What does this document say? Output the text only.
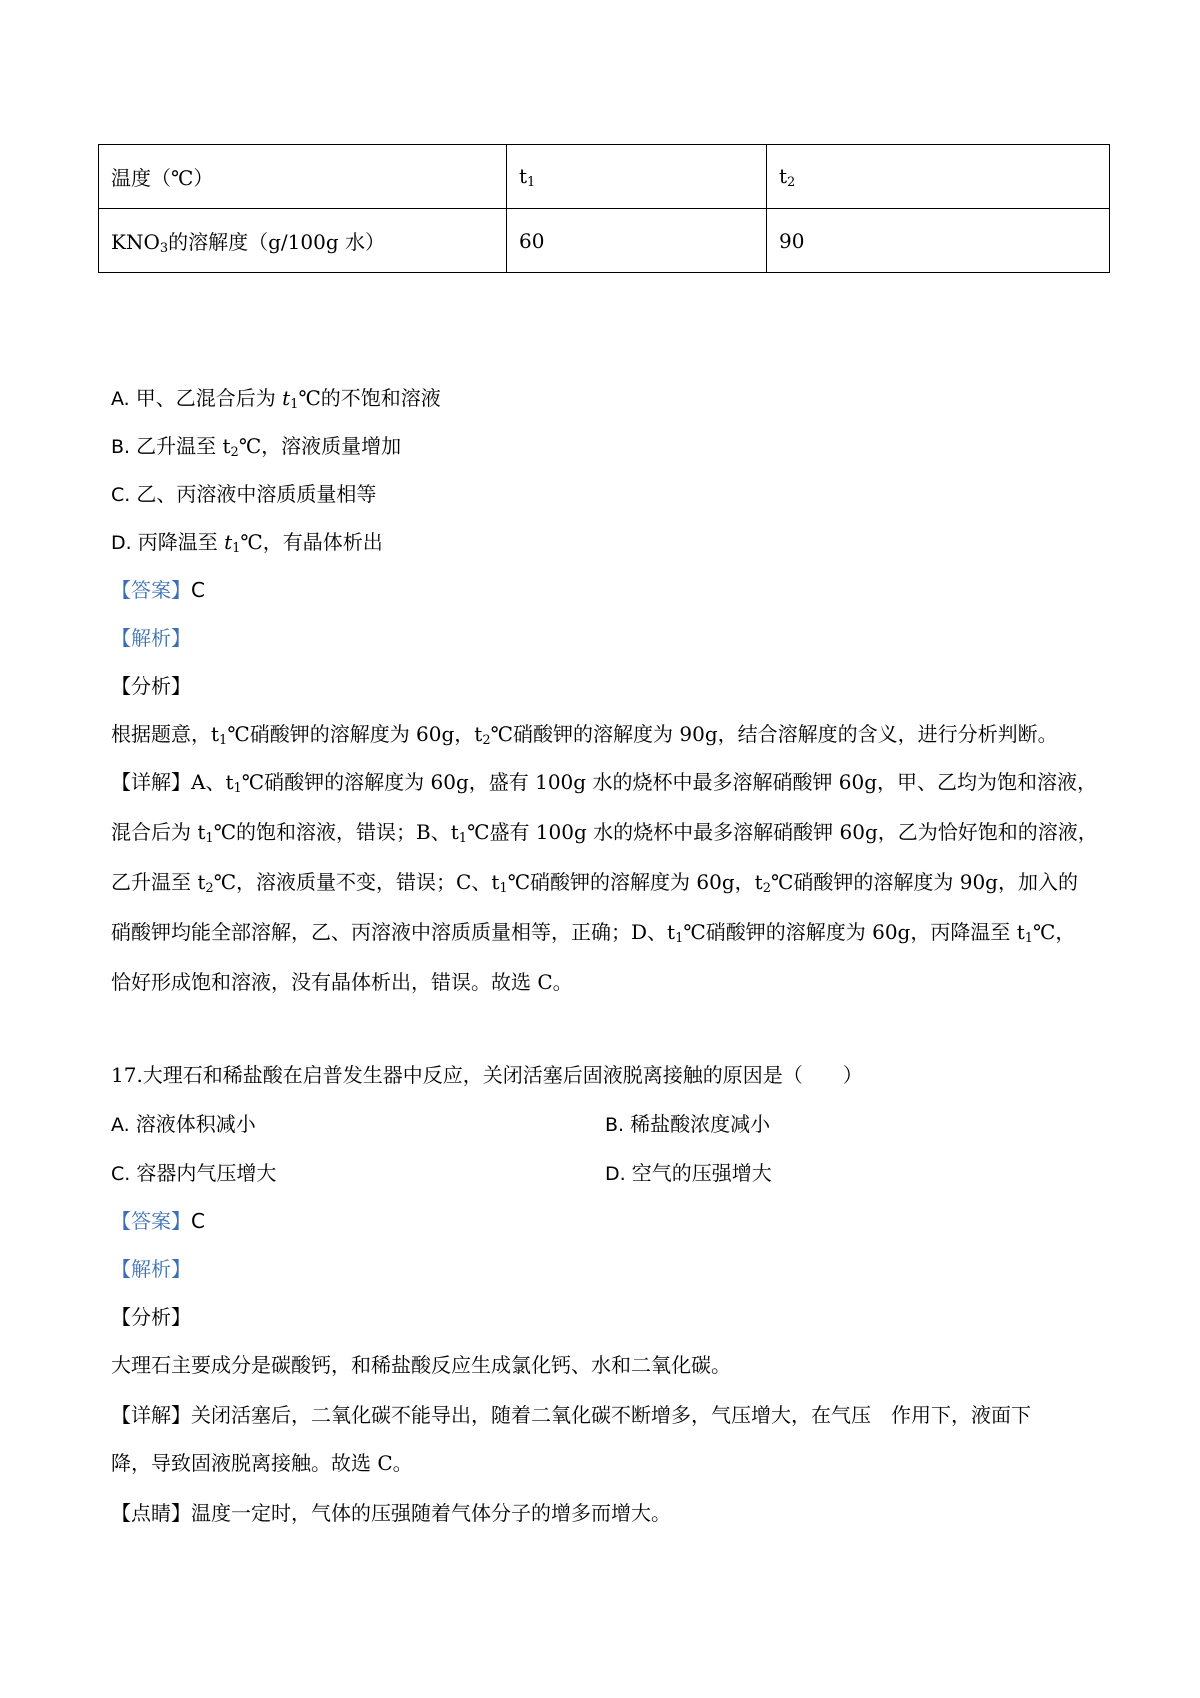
温度（℃）	$t_1$	$t_2$
$KNO_3$的溶解度（g/100g 水）	60	90
A. 甲、乙混合后为 $t_1℃$的不饱和溶液
B. 乙升温至 $t_2℃$，溶液质量增加
C. 乙、丙溶液中溶质质量相等
D. 丙降温至 $t_1℃$，有晶体析出
【答案】C
【解析】
【分析】
根据题意，$t_1℃$硝酸钾的溶解度为 60g，$t_2℃$硝酸钾的溶解度为 90g，结合溶解度的含义，进行分析判断。
【详解】A、$t_1℃$硝酸钾的溶解度为 60g，盛有 100g 水的烧杯中最多溶解硝酸钾 60g，甲、乙均为饱和溶液，
混合后为 $t_1℃$的饱和溶液，错误；B、$t_1℃$盛有 100g 水的烧杯中最多溶解硝酸钾 60g，乙为恰好饱和的溶液，
乙升温至 $t_2℃$，溶液质量不变，错误；C、$t_1℃$硝酸钾的溶解度为 60g，$t_2℃$硝酸钾的溶解度为 90g，加入的
硝酸钾均能全部溶解，乙、丙溶液中溶质质量相等，正确；D、$t_1℃$硝酸钾的溶解度为 60g，丙降温至 $t_1℃$，
恰好形成饱和溶液，没有晶体析出，错误。故选 C。
17.大理石和稀盐酸在启普发生器中反应，关闭活塞后固液脱离接触的原因是（　　）
A. 溶液体积减小	B. 稀盐酸浓度减小
C. 容器内气压增大	D. 空气的压强增大
【答案】C
【解析】
【分析】
大理石主要成分是碳酸钙，和稀盐酸反应生成氯化钙、水和二氧化碳。
【详解】关闭活塞后，二氧化碳不能导出，随着二氧化碳不断增多，气压增大，在气压　作用下，液面下
降，导致固液脱离接触。故选 C。
【点睛】温度一定时，气体的压强随着气体分子的增多而增大。
